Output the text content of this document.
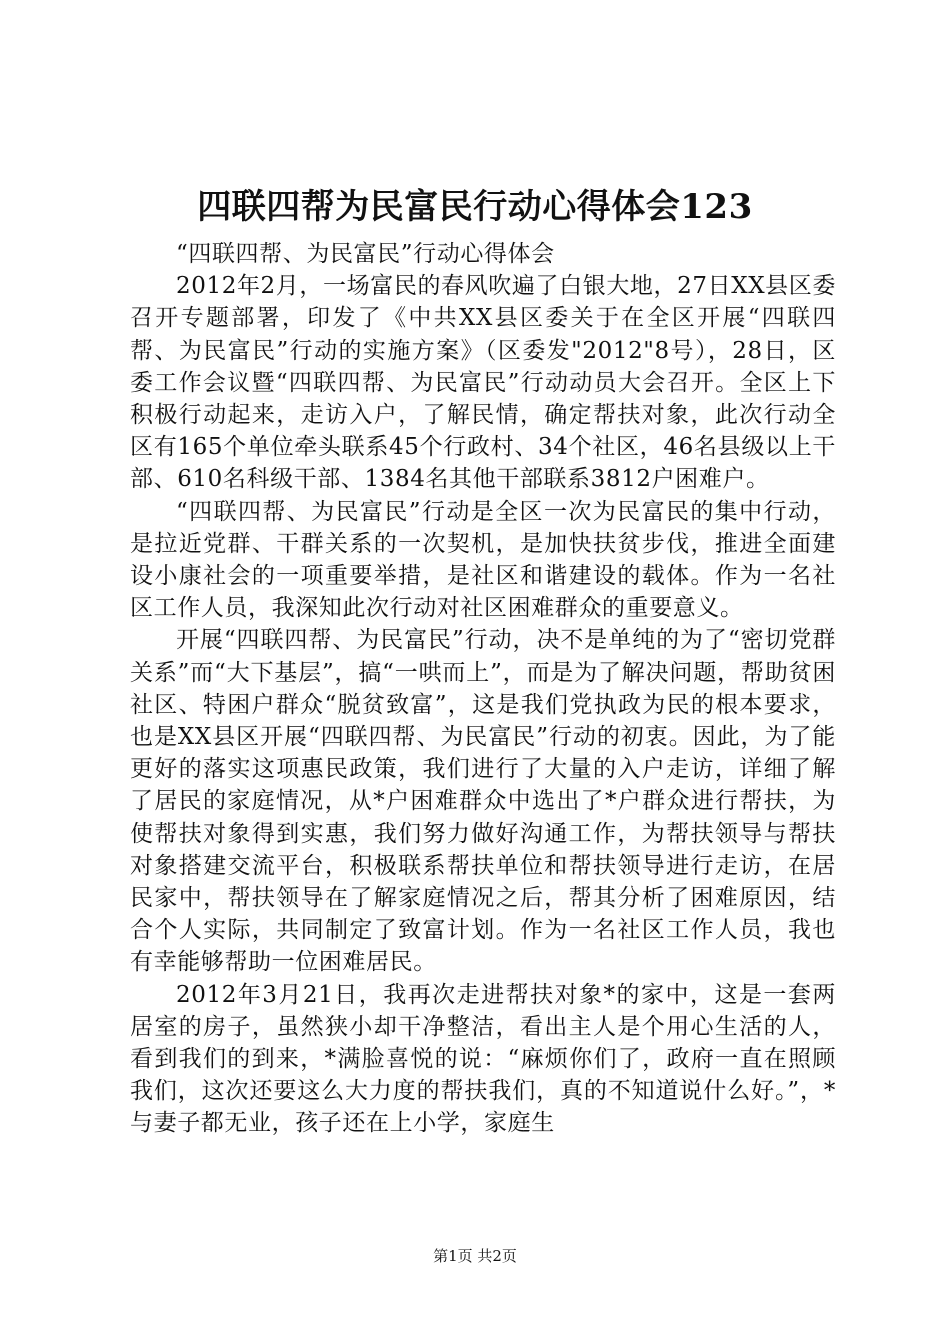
四联四帮为民富民行动心得体会123

“四联四帮、为民富民”行动心得体会

2012年2月，一场富民的春风吹遍了白银大地，27日XX县区委召开专题部署，印发了《中共XX县区委关于在全区开展“四联四帮、为民富民”行动的实施方案》（区委发"2012"8号），28日，区委工作会议暨“四联四帮、为民富民”行动动员大会召开。全区上下积极行动起来，走访入户，了解民情，确定帮扶对象，此次行动全区有165个单位牵头联系45个行政村、34个社区，46名县级以上干部、610名科级干部、1384名其他干部联系3812户困难户。

“四联四帮、为民富民”行动是全区一次为民富民的集中行动，是拉近党群、干群关系的一次契机，是加快扶贫步伐，推进全面建设小康社会的一项重要举措，是社区和谐建设的载体。作为一名社区工作人员，我深知此次行动对社区困难群众的重要意义。

开展“四联四帮、为民富民”行动，决不是单纯的为了“密切党群关系”而“大下基层”，搞“一哄而上”，而是为了解决问题，帮助贫困社区、特困户群众“脱贫致富”，这是我们党执政为民的根本要求，也是XX县区开展“四联四帮、为民富民”行动的初衷。因此，为了能更好的落实这项惠民政策，我们进行了大量的入户走访，详细了解了居民的家庭情况，从*户困难群众中选出了*户群众进行帮扶，为使帮扶对象得到实惠，我们努力做好沟通工作，为帮扶领导与帮扶对象搭建交流平台，积极联系帮扶单位和帮扶领导进行走访，在居民家中，帮扶领导在了解家庭情况之后，帮其分析了困难原因，结合个人实际，共同制定了致富计划。作为一名社区工作人员，我也有幸能够帮助一位困难居民。

2012年3月21日，我再次走进帮扶对象*的家中，这是一套两居室的房子，虽然狭小却干净整洁，看出主人是个用心生活的人，看到我们的到来，*满脸喜悦的说：“麻烦你们了，政府一直在照顾我们，这次还要这么大力度的帮扶我们，真的不知道说什么好。”，*与妻子都无业，孩子还在上小学，家庭生

第1页 共2页
